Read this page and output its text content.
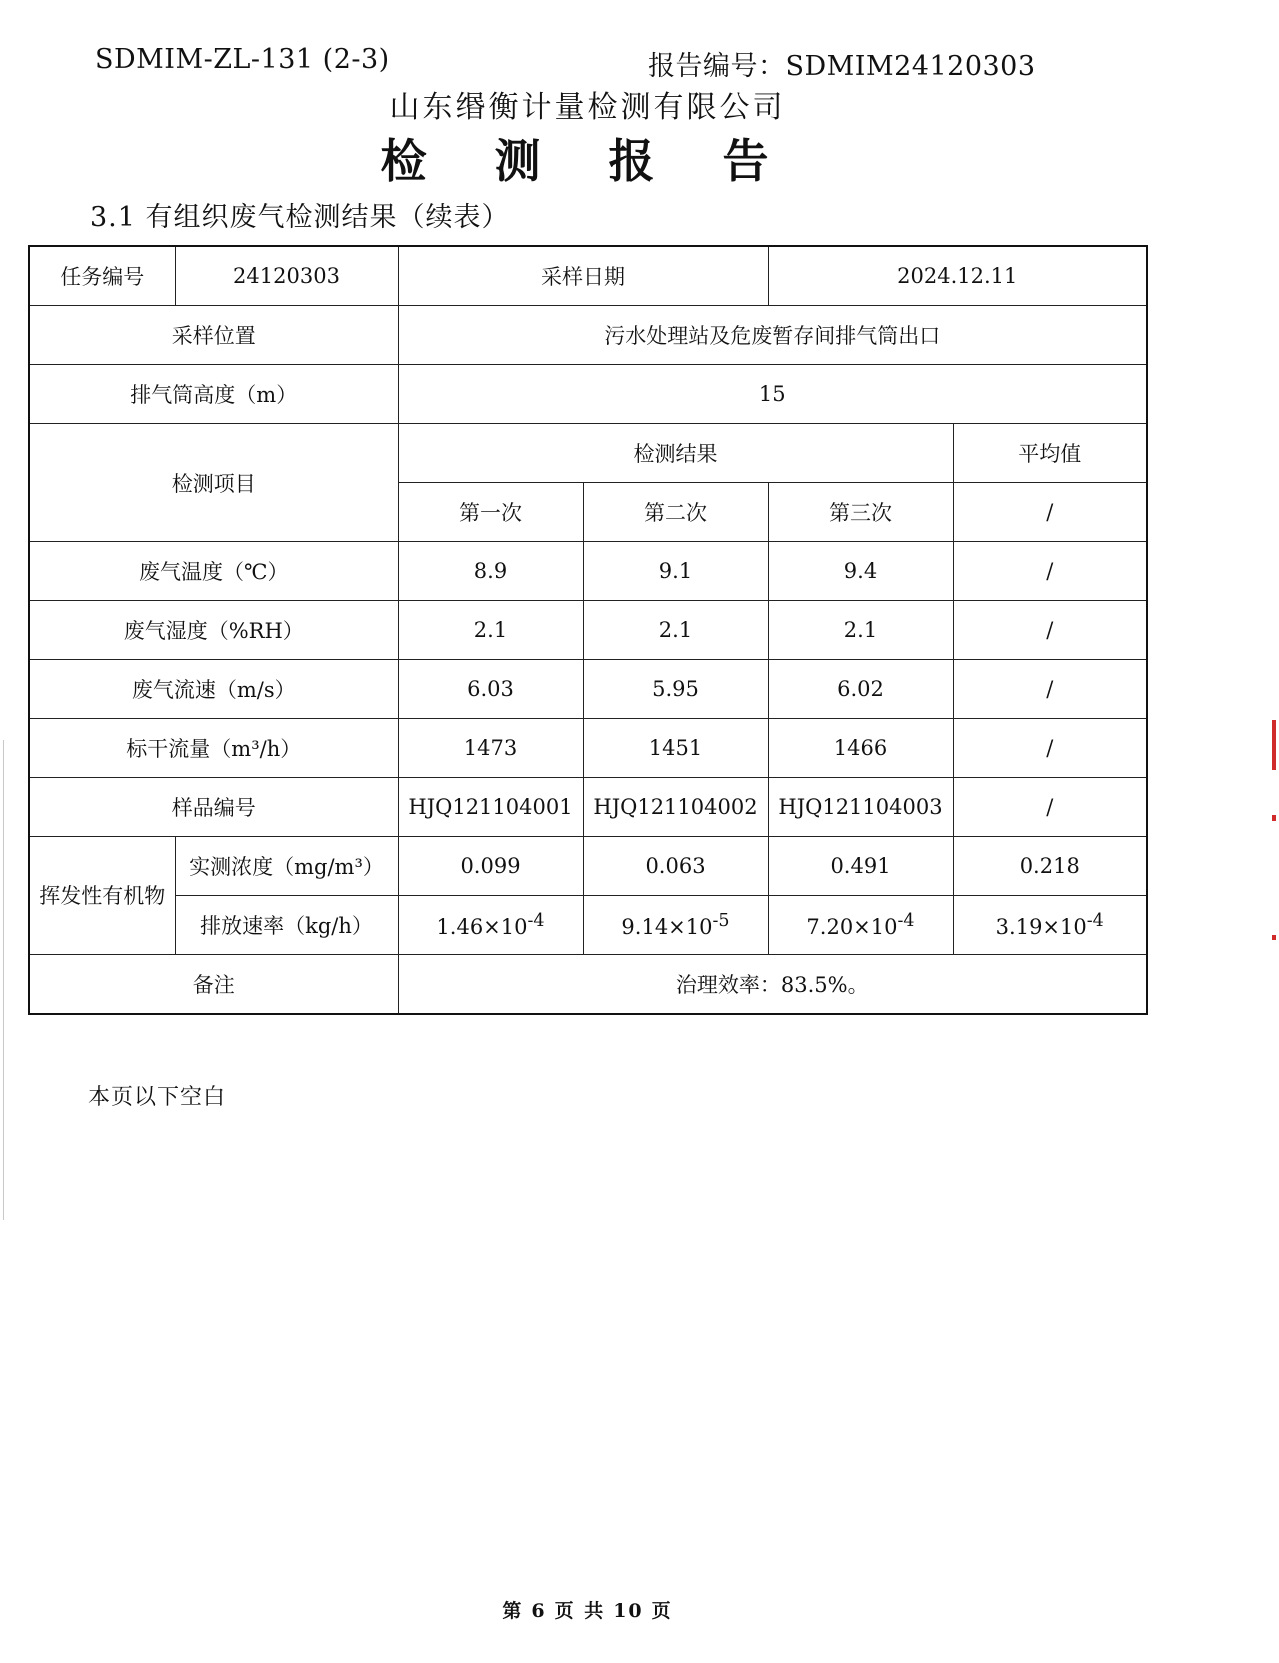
SDMIM-ZL-131 (2-3)	报告编号：SDMIM24120303
山东缗衡计量检测有限公司
检 测 报 告
3.1 有组织废气检测结果（续表）
任务编号	24120303	采样日期		2024.12.11	
采样位置		污水处理站及危废暂存间排气筒出口			
排气筒高度（m）		15			
检测项目		检测结果			平均值
		第一次	第二次	第三次	/
废气温度（℃）		8.9	9.1	9.4	/
废气湿度（%RH）		2.1	2.1	2.1	/
废气流速（m/s）		6.03	5.95	6.02	/
标干流量（m³/h）		1473	1451	1466	/
样品编号		HJQ121104001	HJQ121104002	HJQ121104003	/
挥发性有机物	实测浓度（mg/m³）	0.099	0.063	0.491	0.218
	排放速率（kg/h）	$1.46\times 10^{-4}$	$9.14\times 10^{-5}$	$7.20\times 10^{-4}$	$3.19\times 10^{-4}$
备注		治理效率：83.5%。			
本页以下空白
第 6 页 共 10 页
